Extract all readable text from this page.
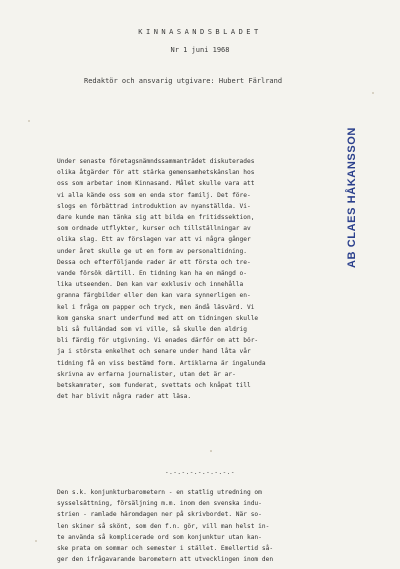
KINNASANDSBLADET
Nr 1 juni 1968
Redaktör och ansvarig utgivare: Hubert Färlrand
Under senaste företagsnämndssammanträdet diskuterades
olika åtgärder för att stärka gemensamhetskänslan hos
oss som arbetar inom Kinnasand. Målet skulle vara att
vi alla kände oss som en enda stor familj. Det före-
slogs en förbättrad introduktion av nyanställda. Vi-
dare kunde man tänka sig att bilda en fritidssektion,
som ordnade utflykter, kurser och tillställningar av
olika slag. Ett av förslagen var att vi några gånger
under året skulle ge ut en form av personaltidning.
Dessa och efterföljande rader är ett första och tre-
vande försök därtill. En tidning kan ha en mängd o-
lika utseenden. Den kan var exklusiv och innehålla
granna färgbilder eller den kan vara synnerligen en-
kel i fråga om papper och tryck, men ändå läsvärd. Vi
kom ganska snart underfund med att om tidningen skulle
bli så fulländad som vi ville, så skulle den aldrig
bli färdig för utgivning. Vi enades därför om att bör-
ja i största enkelhet och senare under hand låta vår
tidning få en viss bestämd form. Artiklarna är ingalunda
skrivna av erfarna journalister, utan det är ar-
betskamrater, som funderat, svettats och knåpat till
det har blivit några rader att läsa.
-.-.-.-.-.-.-.-.-
Den s.k. konjunkturbarometern - en statlig utredning om
sysselsättning, försäljning m.m. inom den svenska indu-
strien - ramlade häromdagen ner på skrivbordet. När so-
len skiner så skönt, som den f.n. gör, vill man helst in-
te använda så komplicerade ord som konjunktur utan kan-
ske prata om sommar och semester i stället. Emellertid så-
ger den ifrågavarande barometern att utvecklingen inom den
AB CLAES HÅKANSSON
